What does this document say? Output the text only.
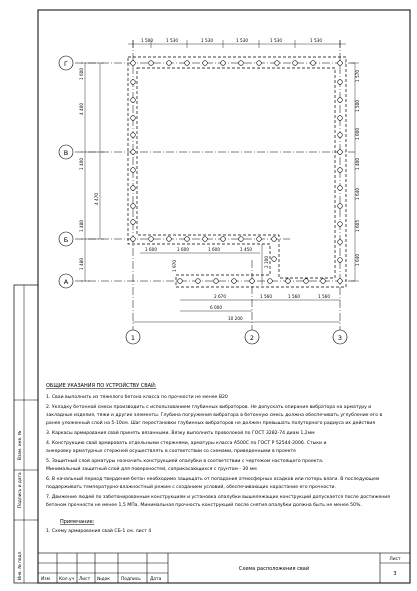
1 500	1 530	1 530	1 530	1 530	1 530
1 600
4 400
1 400
4 470
1 480
1 480
1 570
1 500
1 600
1 400
1 640
1 605
1 640
1 600	1 600	1 600	1 450
1 970	2 100
2 670	1 560	1 560	1 560
6 000
10 200
Г
В
Б
А
1	2	3
ОБЩИЕ УКАЗАНИЯ ПО УСТРОЙСТВУ СВАЙ:
1. Сваи выполнить из тяжелого бетона класса по прочности не менее В20
2. Укладку бетонной смеси производить с использованием глубинных вибраторов. Не допускать опирания вибратора на арматуру и
закладные изделия, тяжи и другие элементы. Глубина погружения вибратора в бетонную смесь должна обеспечивать углубление его в
ранее уложенный слой на 5-10см. Шаг перестановки глубинных вибраторов не должен превышать полуторного радиуса их действия
3. Каркасы армирования свай принять вязанными. Вязку выполнить проволокой по ГОСТ 3282-74 диам 1,2мм
4. Конструкцию свай армировать отдельными стержнями, арматуры класса А500С по ГОСТ Р 52544-2006. Стыки и
анкеровку арматурных стержней осуществлять в соответствии со схемами, приведенными в проекте
5. Защитный слой арматуры назначить конструкцией опалубки в соответствии с чертежом настоящего проекта.
Минимальный защитный слой для поверхностей, соприкасающихся с грунтом - 30 мм
6. В начальный период твердения бетон необходимо защищать от попадания атмосферных осадков или потерь влаги. В последующем
поддерживать температурно-влажностный режим с созданием условий, обеспечивающих нарастание его прочности.
7. Движение людей по забетонированным конструкциям и установка опалубки вышележащих конструкций допускается после достижения
бетоном прочности не менее 1,5 МПа. Минимальная прочность конструкций после снятия опалубки должна быть не менее 50%.
Примечание:
1. Схему армирования свай СБ-1 см. лист 4
Инв. № подл.
Подпись и дата
Взам. инв. №
Изм Кол.уч Лист №док	Подпись Дата
Схема расположения свай
Лист
3
